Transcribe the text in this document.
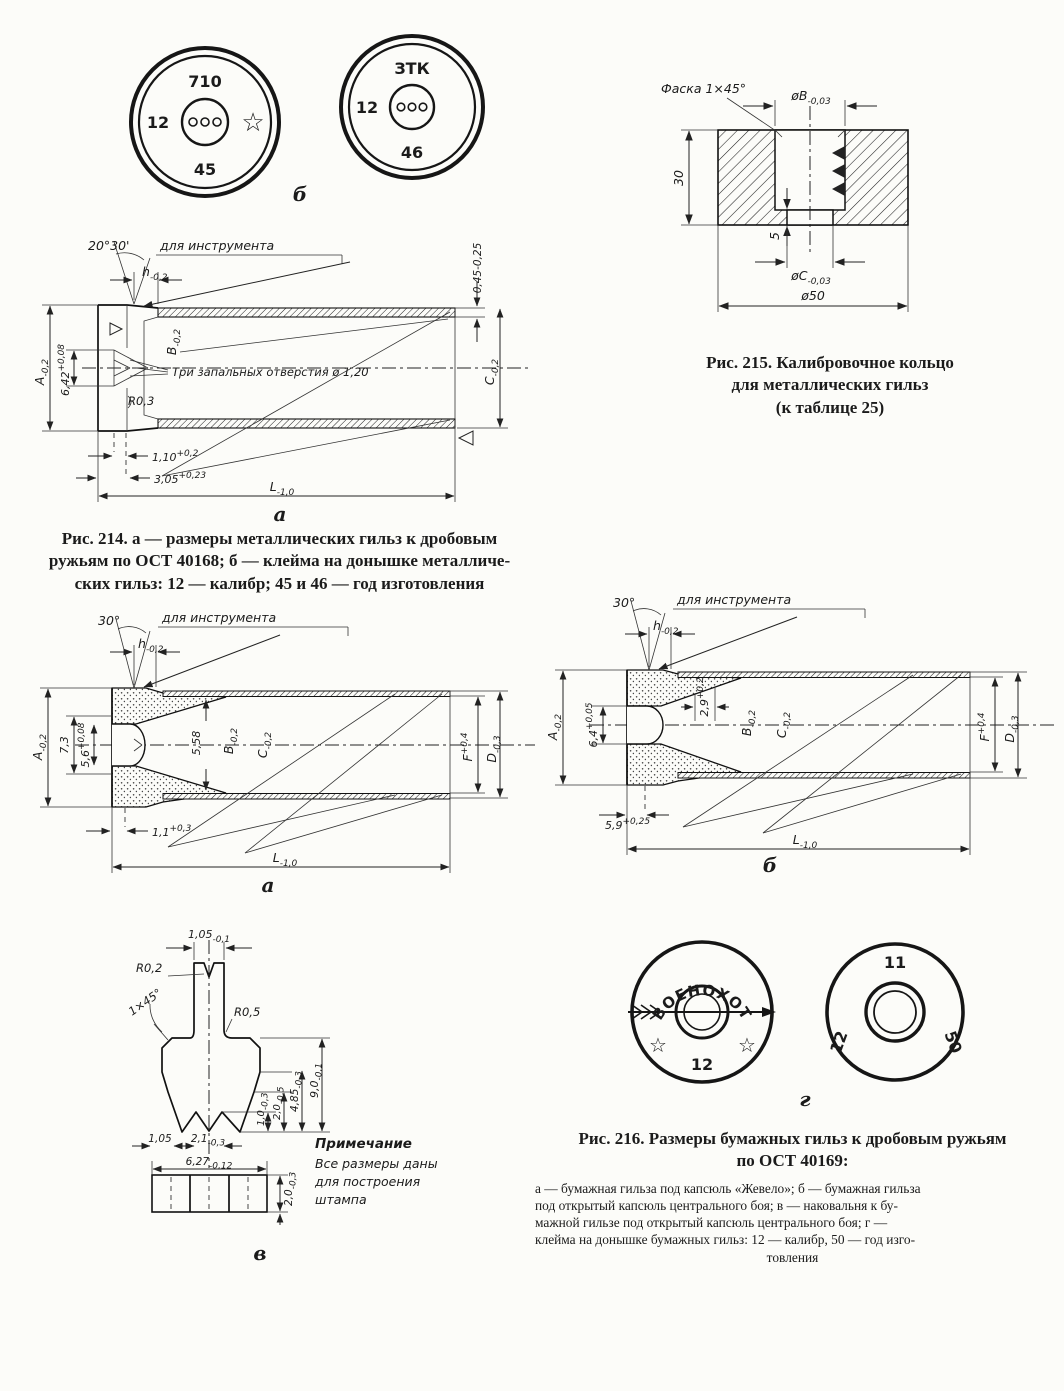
710
12	☆
45
ЗТК
12
46
б
Фаска 1×45°	$øB_{-0,03}$
30
5
$øC_{-0,03}$
ø50
Рис. 215. Калибровочное кольцо
для металлических гильз
(к таблице 25)
20°30' для инструмента
$h_{-0,2}$
$A_{-0,2}$
$6,42^{+0,08}$	$B_{-0,2}$
Три запальных отверстия ø 1,20
R0,3
$1,10^{+0,2}$
$3,05^{+0,23}$
0,45-0,25
$C_{-0,2}$
$L_{-1,0}$
а
Рис. 214. а — размеры металлических гильз к дробовым
ружьям по ОСТ 40168; б — клейма на донышке металличе-
ских гильз: 12 — калибр; 45 и 46 — год изготовления
30°	для инструмента
$h_{-0,2}$
$A_{-0,2}$ 7,3
$5,6^{+0,08}$	5,58 $B_{-0,2}$
$C_{-0,2}$
$1,1^{+0,3}$
$L_{-1,0}$
$F^{+0,4}$
$D_{-0,3}$
а
30°	для инструмента
$h_{-0,2}$
$A_{-0,2}$
$6,4^{+0,05}$	$2,9^{+0,2}$
$B_{-0,2}$
$C_{-0,2}$
$5,9^{+0,25}$
$L_{-1,0}$
$F^{+0,4}$
$D_{-0,3}$
б
$1,05_{-0,1}$
R0,2
1×45°	R0,5
1,0-0,3
2,0-0,5 4,85-0,3
$9,0_{-0,1}$
1,05 2,1-0,3
6,27-0,12
2,0-0,3
Примечание
Все размеры даны
для построения
штампа
в
ВОЕНОХОТ
☆	☆
12
11
12	50
г
Рис. 216. Размеры бумажных гильз к дробовым ружьям
по ОСТ 40169:
а — бумажная гильза под капсюль «Жевело»; б — бумажная гильза
под открытый капсюль центрального боя; в — наковальня к бу-
мажной гильзе под открытый капсюль центрального боя; г —
клейма на донышке бумажных гильз: 12 — калибр, 50 — год изго-
товления
